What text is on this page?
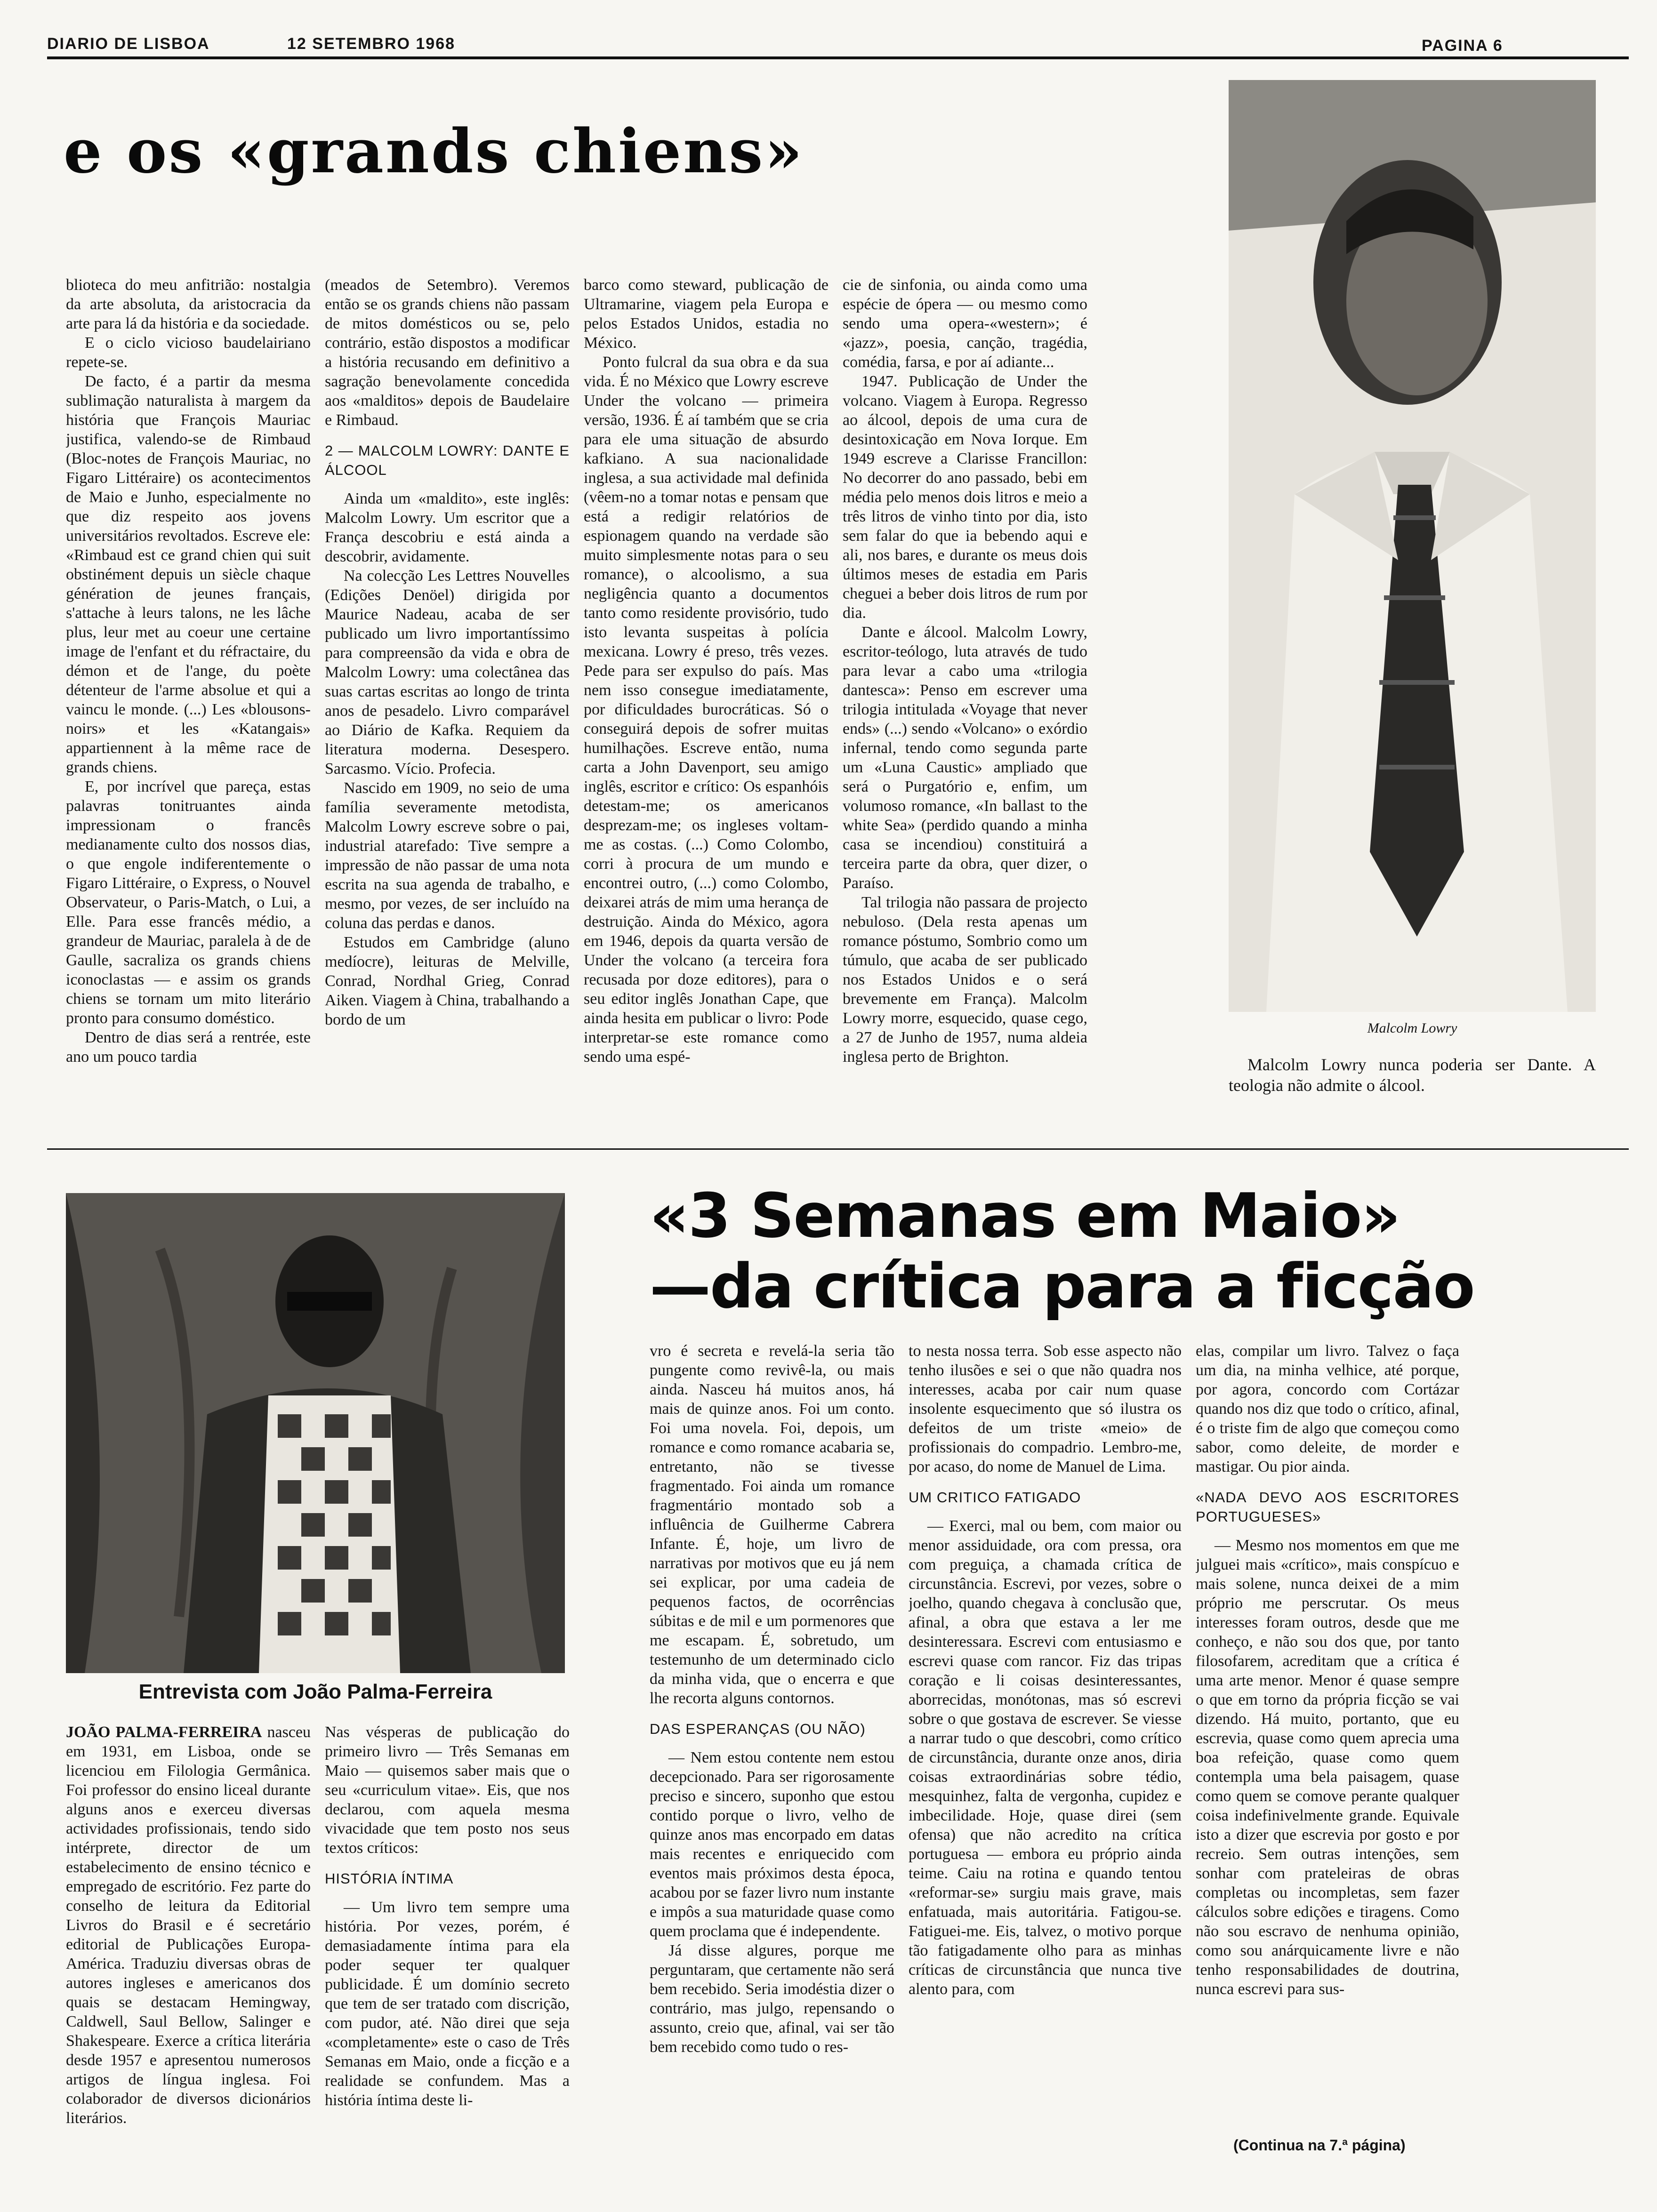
DIARIO DE LISBOA	12 SETEMBRO 1968	PAGINA 6
e os «grands chiens»

blioteca do meu anfitrião: nostalgia da arte absoluta, da aristocracia da arte para lá da história e da sociedade.

E o ciclo vicioso baudelairiano repete-se.

De facto, é a partir da mesma sublimação naturalista à margem da história que François Mauriac justifica, valendo-se de Rimbaud (Bloc-notes de François Mauriac, no Figaro Littéraire) os acontecimentos de Maio e Junho, especialmente no que diz respeito aos jovens universitários revoltados. Escreve ele: «Rimbaud est ce grand chien qui suit obstinément depuis un siècle chaque génération de jeunes français, s'attache à leurs talons, ne les lâche plus, leur met au coeur une certaine image de l'enfant et du réfractaire, du démon et de l'ange, du poète détenteur de l'arme absolue et qui a vaincu le monde. (...) Les «blousons-noirs» et les «Katangais» appartiennent à la même race de grands chiens.

E, por incrível que pareça, estas palavras tonitruantes ainda impressionam o francês medianamente culto dos nossos dias, o que engole indiferentemente o Figaro Littéraire, o Express, o Nouvel Observateur, o Paris-Match, o Lui, a Elle. Para esse francês médio, a grandeur de Mauriac, paralela à de de Gaulle, sacraliza os grands chiens iconoclastas — e assim os grands chiens se tornam um mito literário pronto para consumo doméstico.

Dentro de dias será a rentrée, este ano um pouco tardia

(meados de Setembro). Veremos então se os grands chiens não passam de mitos domésticos ou se, pelo contrário, estão dispostos a modificar a história recusando em definitivo a sagração benevolamente concedida aos «malditos» depois de Baudelaire e Rimbaud.

2 — MALCOLM LOWRY: DANTE E ÁLCOOL

Ainda um «maldito», este inglês: Malcolm Lowry. Um escritor que a França descobriu e está ainda a descobrir, avidamente.

Na colecção Les Lettres Nouvelles (Edições Denöel) dirigida por Maurice Nadeau, acaba de ser publicado um livro importantíssimo para compreensão da vida e obra de Malcolm Lowry: uma colectânea das suas cartas escritas ao longo de trinta anos de pesadelo. Livro comparável ao Diário de Kafka. Requiem da literatura moderna. Desespero. Sarcasmo. Vício. Profecia.

Nascido em 1909, no seio de uma família severamente metodista, Malcolm Lowry escreve sobre o pai, industrial atarefado: Tive sempre a impressão de não passar de uma nota escrita na sua agenda de trabalho, e mesmo, por vezes, de ser incluído na coluna das perdas e danos.

Estudos em Cambridge (aluno medíocre), leituras de Melville, Conrad, Nordhal Grieg, Conrad Aiken. Viagem à China, trabalhando a bordo de um

barco como steward, publicação de Ultramarine, viagem pela Europa e pelos Estados Unidos, estadia no México.

Ponto fulcral da sua obra e da sua vida. É no México que Lowry escreve Under the volcano — primeira versão, 1936. É aí também que se cria para ele uma situação de absurdo kafkiano. A sua nacionalidade inglesa, a sua actividade mal definida (vêem-no a tomar notas e pensam que está a redigir relatórios de espionagem quando na verdade são muito simplesmente notas para o seu romance), o alcoolismo, a sua negligência quanto a documentos tanto como residente provisório, tudo isto levanta suspeitas à polícia mexicana. Lowry é preso, três vezes. Pede para ser expulso do país. Mas nem isso consegue imediatamente, por dificuldades burocráticas. Só o conseguirá depois de sofrer muitas humilhações. Escreve então, numa carta a John Davenport, seu amigo inglês, escritor e crítico: Os espanhóis detestam-me; os americanos desprezam-me; os ingleses voltam-me as costas. (...) Como Colombo, corri à procura de um mundo e encontrei outro, (...) como Colombo, deixarei atrás de mim uma herança de destruição. Ainda do México, agora em 1946, depois da quarta versão de Under the volcano (a terceira fora recusada por doze editores), para o seu editor inglês Jonathan Cape, que ainda hesita em publicar o livro: Pode interpretar-se este romance como sendo uma espé-

cie de sinfonia, ou ainda como uma espécie de ópera — ou mesmo como sendo uma opera-«western»; é «jazz», poesia, canção, tragédia, comédia, farsa, e por aí adiante...

1947. Publicação de Under the volcano. Viagem à Europa. Regresso ao álcool, depois de uma cura de desintoxicação em Nova Iorque. Em 1949 escreve a Clarisse Francillon: No decorrer do ano passado, bebi em média pelo menos dois litros e meio a três litros de vinho tinto por dia, isto sem falar do que ia bebendo aqui e ali, nos bares, e durante os meus dois últimos meses de estadia em Paris cheguei a beber dois litros de rum por dia.

Dante e álcool. Malcolm Lowry, escritor-teólogo, luta através de tudo para levar a cabo uma «trilogia dantesca»: Penso em escrever uma trilogia intitulada «Voyage that never ends» (...) sendo «Volcano» o exórdio infernal, tendo como segunda parte um «Luna Caustic» ampliado que será o Purgatório e, enfim, um volumoso romance, «In ballast to the white Sea» (perdido quando a minha casa se incendiou) constituirá a terceira parte da obra, quer dizer, o Paraíso.

Tal trilogia não passara de projecto nebuloso. (Dela resta apenas um romance póstumo, Sombrio como um túmulo, que acaba de ser publicado nos Estados Unidos e o será brevemente em França). Malcolm Lowry morre, esquecido, quase cego, a 27 de Junho de 1957, numa aldeia inglesa perto de Brighton.

Malcolm Lowry

Malcolm Lowry nunca poderia ser Dante. A teologia não admite o álcool.

Entrevista com João Palma-Ferreira
«3 Semanas em Maio»
—da crítica para a ficção

vro é secreta e revelá-la seria tão pungente como revivê-la, ou mais ainda. Nasceu há muitos anos, há mais de quinze anos. Foi um conto. Foi uma novela. Foi, depois, um romance e como romance acabaria se, entretanto, não se tivesse fragmentado. Foi ainda um romance fragmentário montado sob a influência de Guilherme Cabrera Infante. É, hoje, um livro de narrativas por motivos que eu já nem sei explicar, por uma cadeia de pequenos factos, de ocorrências súbitas e de mil e um pormenores que me escapam. É, sobretudo, um testemunho de um determinado ciclo da minha vida, que o encerra e que lhe recorta alguns contornos.

DAS ESPERANÇAS (OU NÃO)

— Nem estou contente nem estou decepcionado. Para ser rigorosamente preciso e sincero, suponho que estou contido porque o livro, velho de quinze anos mas encorpado em datas mais recentes e enriquecido com eventos mais próximos desta época, acabou por se fazer livro num instante e impôs a sua maturidade quase como quem proclama que é independente.

Já disse algures, porque me perguntaram, que certamente não será bem recebido. Seria imodéstia dizer o contrário, mas julgo, repensando o assunto, creio que, afinal, vai ser tão bem recebido como tudo o res-

to nesta nossa terra. Sob esse aspecto não tenho ilusões e sei o que não quadra nos interesses, acaba por cair num quase insolente esquecimento que só ilustra os defeitos de um triste «meio» de profissionais do compadrio. Lembro-me, por acaso, do nome de Manuel de Lima.

UM CRITICO FATIGADO

— Exerci, mal ou bem, com maior ou menor assiduidade, ora com pressa, ora com preguiça, a chamada crítica de circunstância. Escrevi, por vezes, sobre o joelho, quando chegava à conclusão que, afinal, a obra que estava a ler me desinteressara. Escrevi com entusiasmo e escrevi quase com rancor. Fiz das tripas coração e li coisas desinteressantes, aborrecidas, monótonas, mas só escrevi sobre o que gostava de escrever. Se viesse a narrar tudo o que descobri, como crítico de circunstância, durante onze anos, diria coisas extraordinárias sobre tédio, mesquinhez, falta de vergonha, cupidez e imbecilidade. Hoje, quase direi (sem ofensa) que não acredito na crítica portuguesa — embora eu próprio ainda teime. Caiu na rotina e quando tentou «reformar-se» surgiu mais grave, mais enfatuada, mais autoritária. Fatigou-se. Fatiguei-me. Eis, talvez, o motivo porque tão fatigadamente olho para as minhas críticas de circunstância que nunca tive alento para, com

elas, compilar um livro. Talvez o faça um dia, na minha velhice, até porque, por agora, concordo com Cortázar quando nos diz que todo o crítico, afinal, é o triste fim de algo que começou como sabor, como deleite, de morder e mastigar. Ou pior ainda.

«NADA DEVO AOS ESCRITORES PORTUGUESES»

— Mesmo nos momentos em que me julguei mais «crítico», mais conspícuo e mais solene, nunca deixei de a mim próprio me perscrutar. Os meus interesses foram outros, desde que me conheço, e não sou dos que, por tanto filosofarem, acreditam que a crítica é uma arte menor. Menor é quase sempre o que em torno da própria ficção se vai dizendo. Há muito, portanto, que eu escrevia, quase como quem aprecia uma boa refeição, quase como quem contempla uma bela paisagem, quase como quem se comove perante qualquer coisa indefinivelmente grande. Equivale isto a dizer que escrevia por gosto e por recreio. Sem outras intenções, sem sonhar com prateleiras de obras completas ou incompletas, sem fazer cálculos sobre edições e tiragens. Como não sou escravo de nenhuma opinião, como sou anárquicamente livre e não tenho responsabilidades de doutrina, nunca escrevi para sus-

(Continua na 7.ª página)

JOÃO PALMA-FERREIRA nasceu em 1931, em Lisboa, onde se licenciou em Filologia Germânica. Foi professor do ensino liceal durante alguns anos e exerceu diversas actividades profissionais, tendo sido intérprete, director de um estabelecimento de ensino técnico e empregado de escritório. Fez parte do conselho de leitura da Editorial Livros do Brasil e é secretário editorial de Publicações Europa-América. Traduziu diversas obras de autores ingleses e americanos dos quais se destacam Hemingway, Caldwell, Saul Bellow, Salinger e Shakespeare. Exerce a crítica literária desde 1957 e apresentou numerosos artigos de língua inglesa. Foi colaborador de diversos dicionários literários.

Nas vésperas de publicação do primeiro livro — Três Semanas em Maio — quisemos saber mais que o seu «curriculum vitae». Eis, que nos declarou, com aquela mesma vivacidade que tem posto nos seus textos críticos:

HISTÓRIA ÍNTIMA

— Um livro tem sempre uma história. Por vezes, porém, é demasiadamente íntima para ela poder sequer ter qualquer publicidade. É um domínio secreto que tem de ser tratado com discrição, com pudor, até. Não direi que seja «completamente» este o caso de Três Semanas em Maio, onde a ficção e a realidade se confundem. Mas a história íntima deste li-
